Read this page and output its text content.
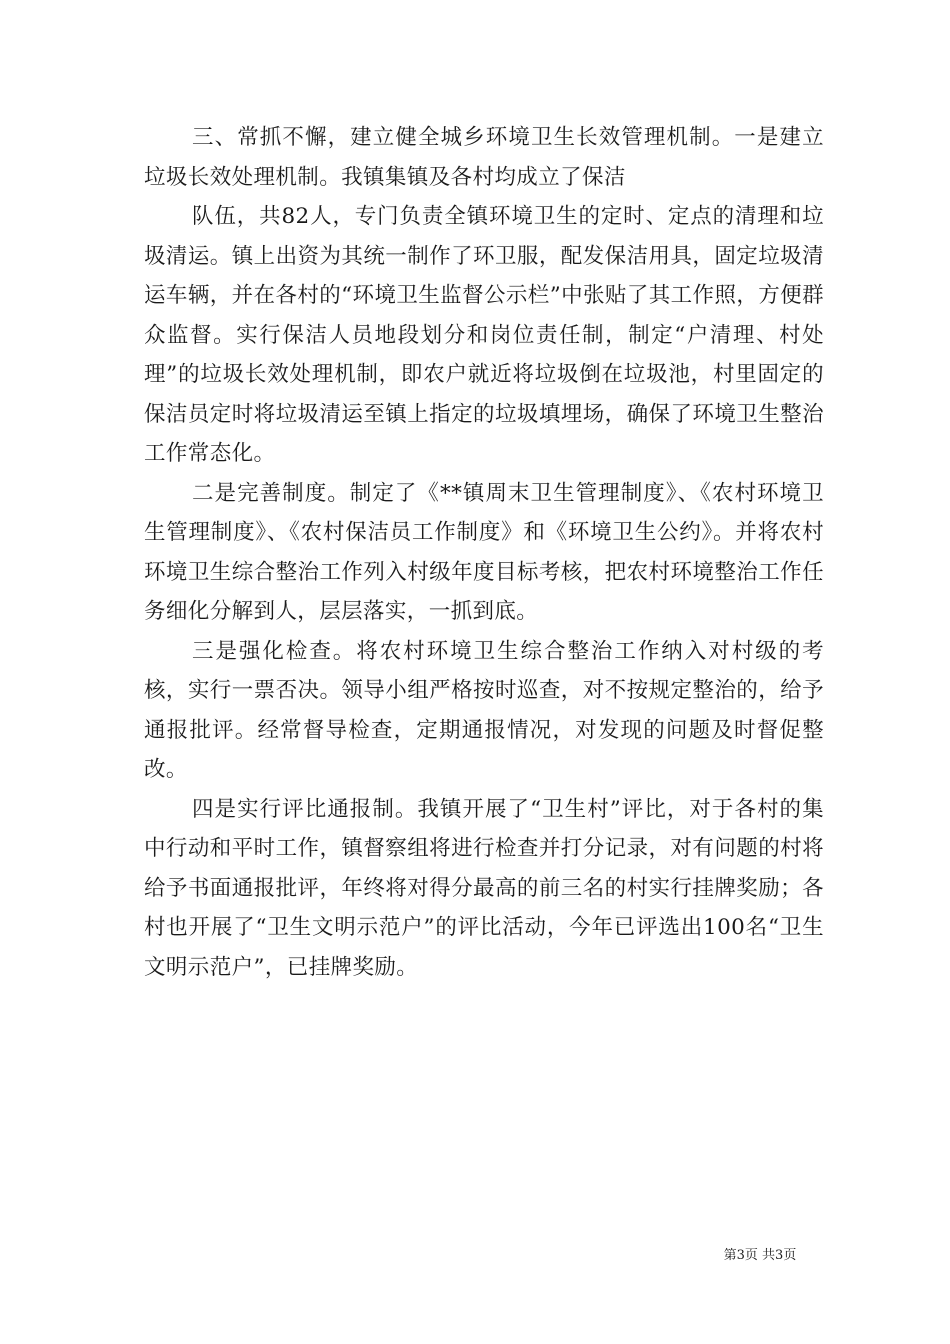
三、常抓不懈，建立健全城乡环境卫生长效管理机制。一是建立垃圾长效处理机制。我镇集镇及各村均成立了保洁

队伍，共82人，专门负责全镇环境卫生的定时、定点的清理和垃圾清运。镇上出资为其统一制作了环卫服，配发保洁用具，固定垃圾清运车辆，并在各村的“环境卫生监督公示栏”中张贴了其工作照，方便群众监督。实行保洁人员地段划分和岗位责任制，制定“户清理、村处理”的垃圾长效处理机制，即农户就近将垃圾倒在垃圾池，村里固定的保洁员定时将垃圾清运至镇上指定的垃圾填埋场，确保了环境卫生整治工作常态化。

二是完善制度。制定了《**镇周末卫生管理制度》、《农村环境卫生管理制度》、《农村保洁员工作制度》和《环境卫生公约》。并将农村环境卫生综合整治工作列入村级年度目标考核，把农村环境整治工作任务细化分解到人，层层落实，一抓到底。

三是强化检查。将农村环境卫生综合整治工作纳入对村级的考核，实行一票否决。领导小组严格按时巡查，对不按规定整治的，给予通报批评。经常督导检查，定期通报情况，对发现的问题及时督促整改。

四是实行评比通报制。我镇开展了“卫生村”评比，对于各村的集中行动和平时工作，镇督察组将进行检查并打分记录，对有问题的村将给予书面通报批评，年终将对得分最高的前三名的村实行挂牌奖励；各村也开展了“卫生文明示范户”的评比活动，今年已评选出100名“卫生文明示范户”，已挂牌奖励。

第3页 共3页
